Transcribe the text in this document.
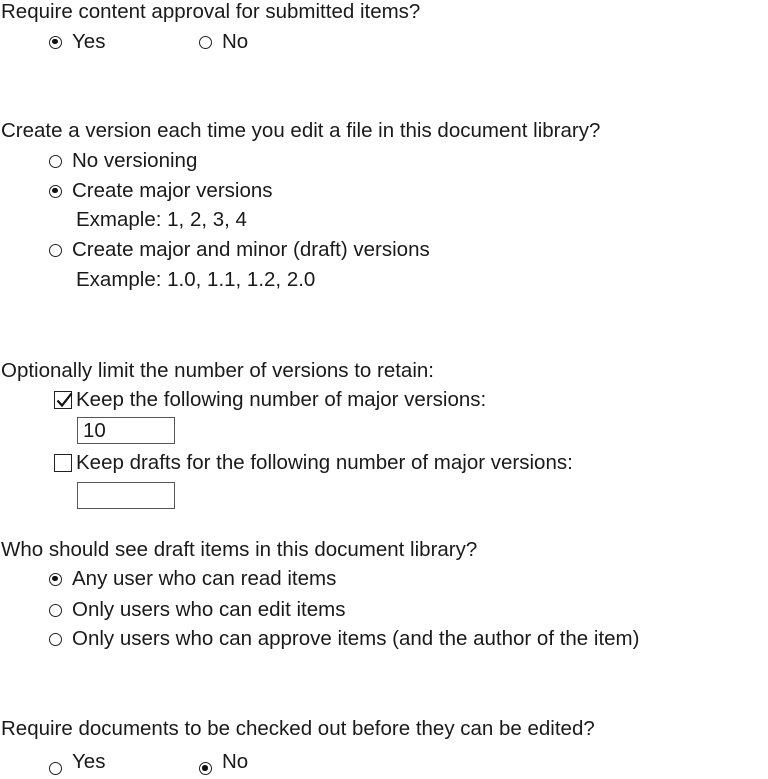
Require content approval for submitted items?
Yes	No
Create a version each time you edit a file in this document library?
No versioning
Create major versions
Exmaple: 1, 2, 3, 4
Create major and minor (draft) versions
Example: 1.0, 1.1, 1.2, 2.0
Optionally limit the number of versions to retain:
Keep the following number of major versions:
10
Keep drafts for the following number of major versions:
Who should see draft items in this document library?
Any user who can read items
Only users who can edit items
Only users who can approve items (and the author of the item)
Require documents to be checked out before they can be edited?
Yes	No
